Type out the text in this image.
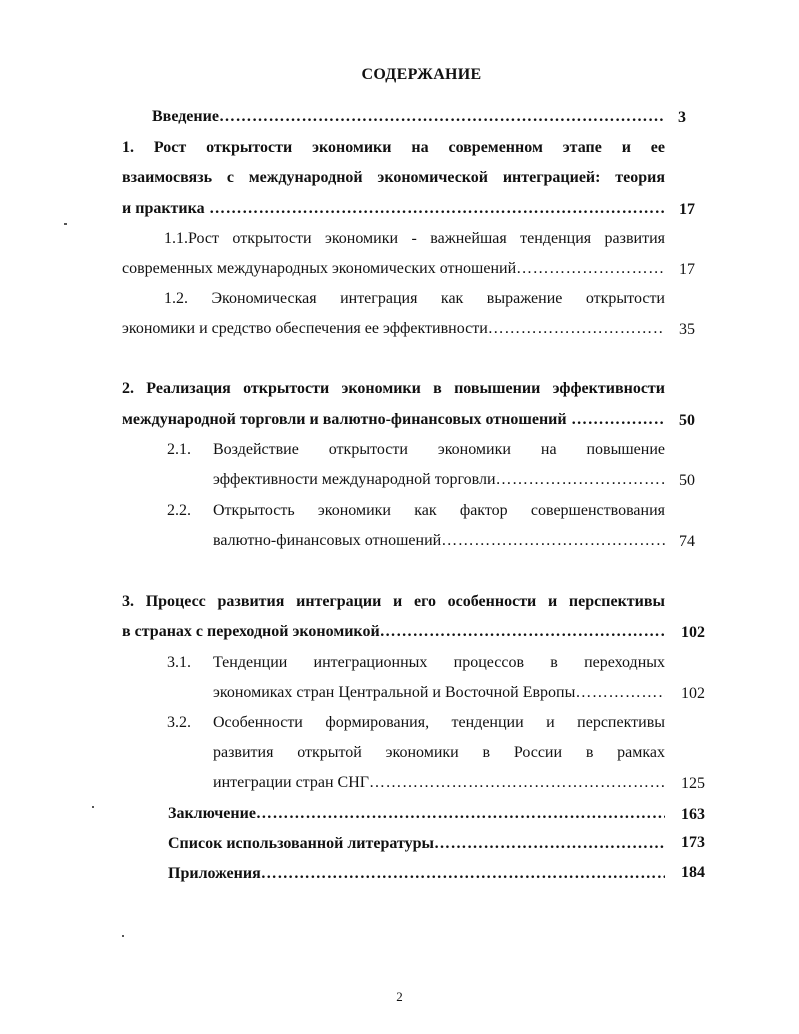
СОДЕРЖАНИЕ
Введение …………………………………………………………………………………………………………………………………………	3
1. Рост открытости экономики на современном этапе и ее
взаимосвязь с международной экономической интеграцией: теория
и практика …………………………………………………………………………………………………………………………………………	17
1.1.Рост открытости экономики - важнейшая тенденция развития
современных международных экономических отношений …………………………………………………………………………………………………………………………………………	17
1.2. Экономическая интеграция как выражение открытости
экономики и средство обеспечения ее эффективности …………………………………………………………………………………………………………………………………………	35
2. Реализация открытости экономики в повышении эффективности
международной торговли и валютно-финансовых отношений …………………………………………………………………………………………………………………………………………	50
2.1. Воздействие открытости экономики на повышение
эффективности международной торговли …………………………………………………………………………………………………………………………………………	50
2.2. Открытость экономики как фактор совершенствования
валютно-финансовых отношений …………………………………………………………………………………………………………………………………………	74
3. Процесс развития интеграции и его особенности и перспективы
в странах с переходной экономикой …………………………………………………………………………………………………………………………………………	102
3.1. Тенденции интеграционных процессов в переходных
экономиках стран Центральной и Восточной Европы …………………………………………………………………………………………………………………………………………	102
3.2. Особенности формирования, тенденции и перспективы
развития открытой экономики в России в рамках
интеграции стран СНГ …………………………………………………………………………………………………………………………………………	125
Заключение …………………………………………………………………………………………………………………………………………	163
Список использованной литературы …………………………………………………………………………………………………………………………………………	173
Приложения …………………………………………………………………………………………………………………………………………	184
2
